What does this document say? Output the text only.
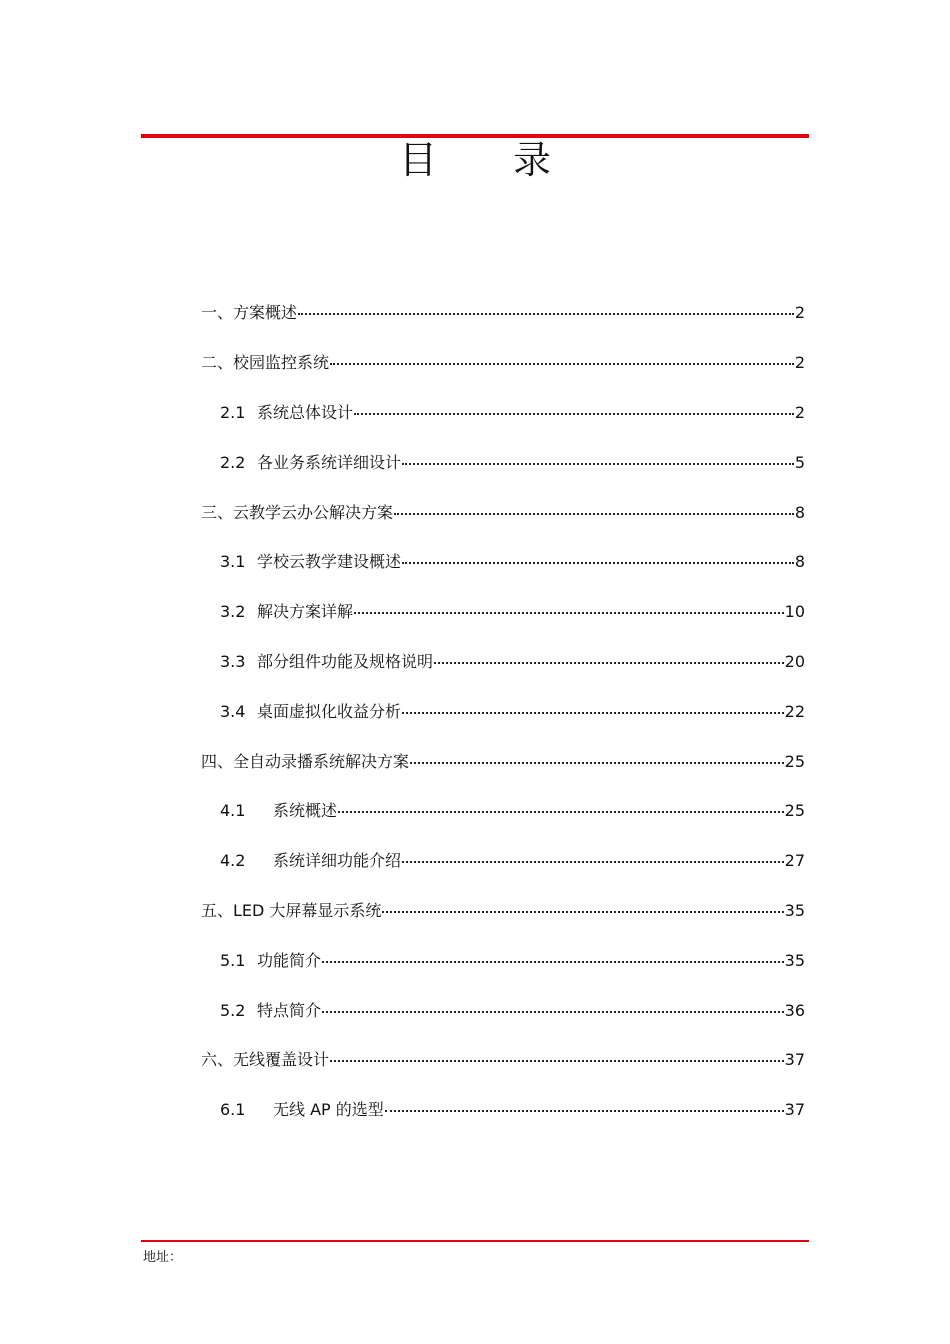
目 录
一、方案概述	2
二、校园监控系统	2
2.1 系统总体设计	2
2.2 各业务系统详细设计	5
三、云教学云办公解决方案	8
3.1 学校云教学建设概述	8
3.2 解决方案详解	10
3.3 部分组件功能及规格说明	20
3.4 桌面虚拟化收益分析	22
四、全自动录播系统解决方案	25
4.1	系统概述	25
4.2	系统详细功能介绍	27
五、LED 大屏幕显示系统	35
5.1 功能简介	35
5.2 特点简介	36
六、无线覆盖设计	37
6.1	无线 AP 的选型	37
地址：
